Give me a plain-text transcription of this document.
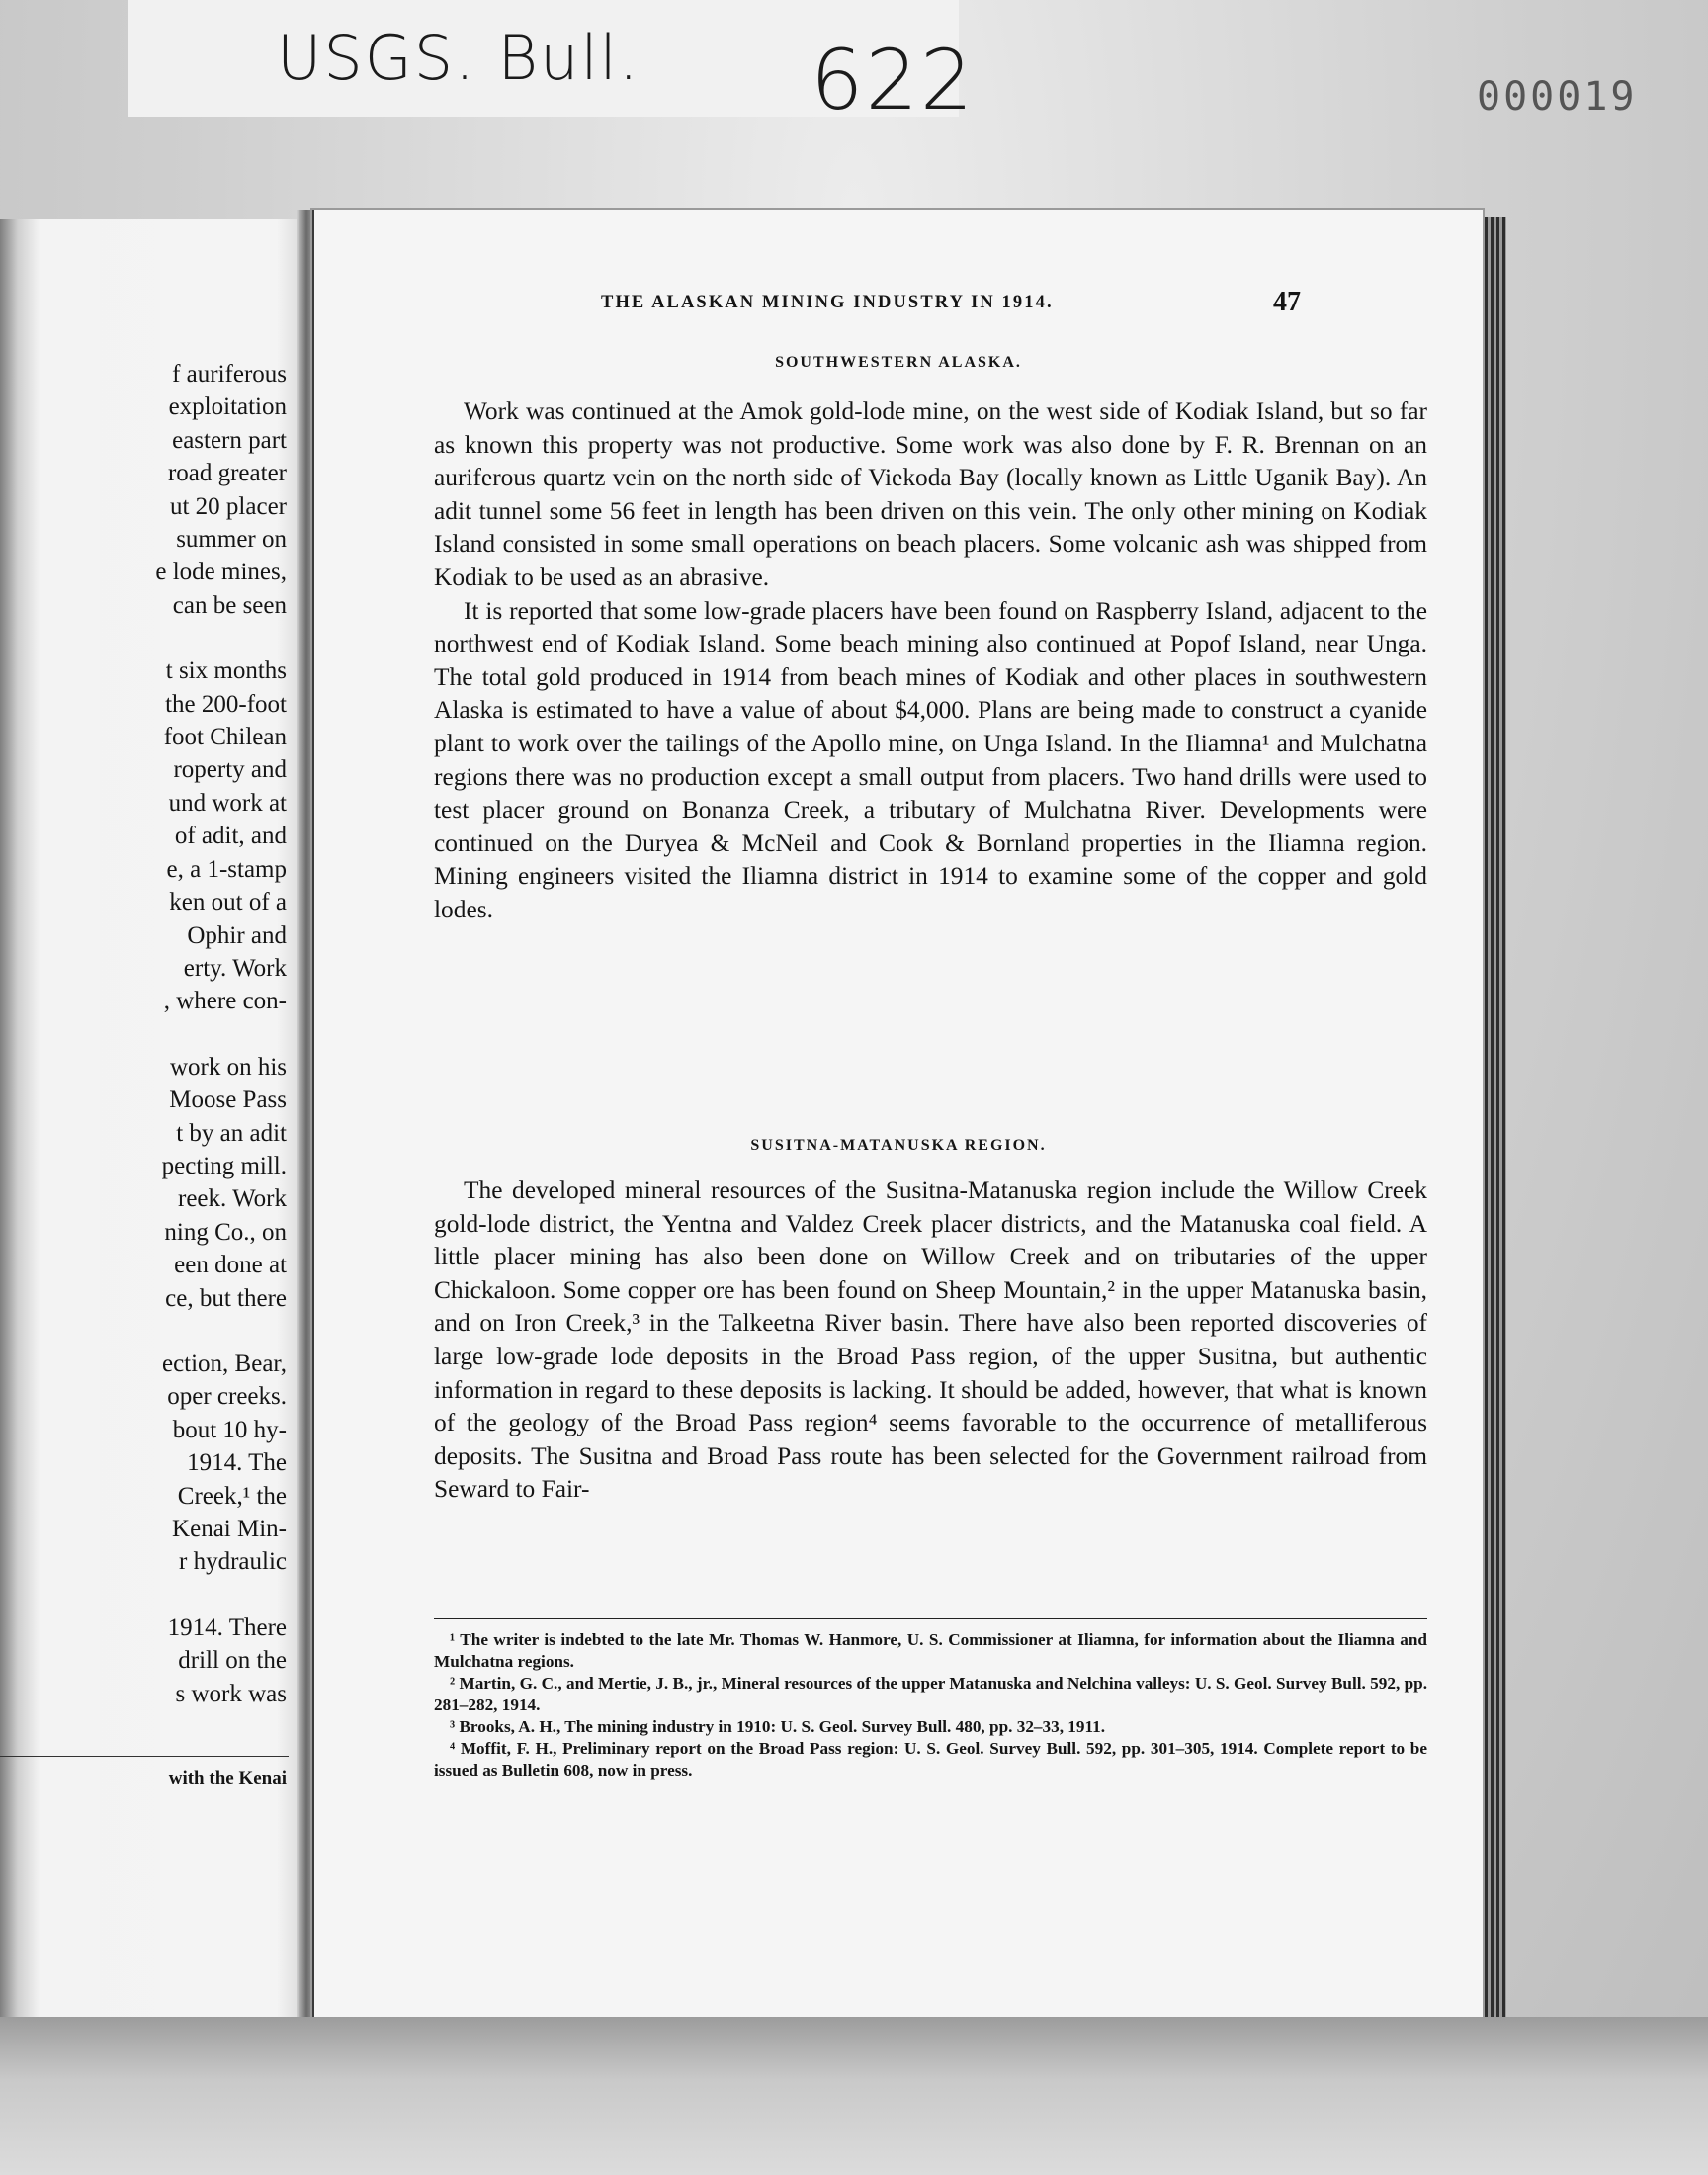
USGS. Bull. 622	000019
f auriferous
exploitation
eastern part
road greater
ut 20 placer
summer on
e lode mines,
can be seen
t six months
the 200-foot
foot Chilean
roperty and
und work at
of adit, and
e, a 1-stamp
ken out of a
Ophir and
erty. Work
, where con-
work on his
Moose Pass
t by an adit
pecting mill.
reek. Work
ning Co., on
een done at
ce, but there
ection, Bear,
oper creeks.
bout 10 hy-
1914. The
Creek,¹ the
Kenai Min-
r hydraulic
1914. There
drill on the
s work was
with the Kenai
THE ALASKAN MINING INDUSTRY IN 1914.	47
SOUTHWESTERN ALASKA.

Work was continued at the Amok gold-lode mine, on the west side of Kodiak Island, but so far as known this property was not productive. Some work was also done by F. R. Brennan on an auriferous quartz vein on the north side of Viekoda Bay (locally known as Little Uganik Bay). An adit tunnel some 56 feet in length has been driven on this vein. The only other mining on Kodiak Island consisted in some small operations on beach placers. Some volcanic ash was shipped from Kodiak to be used as an abrasive.

It is reported that some low-grade placers have been found on Raspberry Island, adjacent to the northwest end of Kodiak Island. Some beach mining also continued at Popof Island, near Unga. The total gold produced in 1914 from beach mines of Kodiak and other places in southwestern Alaska is estimated to have a value of about $4,000. Plans are being made to construct a cyanide plant to work over the tailings of the Apollo mine, on Unga Island. In the Iliamna¹ and Mulchatna regions there was no production except a small output from placers. Two hand drills were used to test placer ground on Bonanza Creek, a tributary of Mulchatna River. Developments were continued on the Duryea & McNeil and Cook & Bornland properties in the Iliamna region. Mining engineers visited the Iliamna district in 1914 to examine some of the copper and gold lodes.

SUSITNA-MATANUSKA REGION.

The developed mineral resources of the Susitna-Matanuska region include the Willow Creek gold-lode district, the Yentna and Valdez Creek placer districts, and the Matanuska coal field. A little placer mining has also been done on Willow Creek and on tributaries of the upper Chickaloon. Some copper ore has been found on Sheep Mountain,² in the upper Matanuska basin, and on Iron Creek,³ in the Talkeetna River basin. There have also been reported discoveries of large low-grade lode deposits in the Broad Pass region, of the upper Susitna, but authentic information in regard to these deposits is lacking. It should be added, however, that what is known of the geology of the Broad Pass region⁴ seems favorable to the occurrence of metalliferous deposits. The Susitna and Broad Pass route has been selected for the Government railroad from Seward to Fair-

¹ The writer is indebted to the late Mr. Thomas W. Hanmore, U. S. Commissioner at Iliamna, for information about the Iliamna and Mulchatna regions.

² Martin, G. C., and Mertie, J. B., jr., Mineral resources of the upper Matanuska and Nelchina valleys: U. S. Geol. Survey Bull. 592, pp. 281–282, 1914.

³ Brooks, A. H., The mining industry in 1910: U. S. Geol. Survey Bull. 480, pp. 32–33, 1911.

⁴ Moffit, F. H., Preliminary report on the Broad Pass region: U. S. Geol. Survey Bull. 592, pp. 301–305, 1914. Complete report to be issued as Bulletin 608, now in press.
